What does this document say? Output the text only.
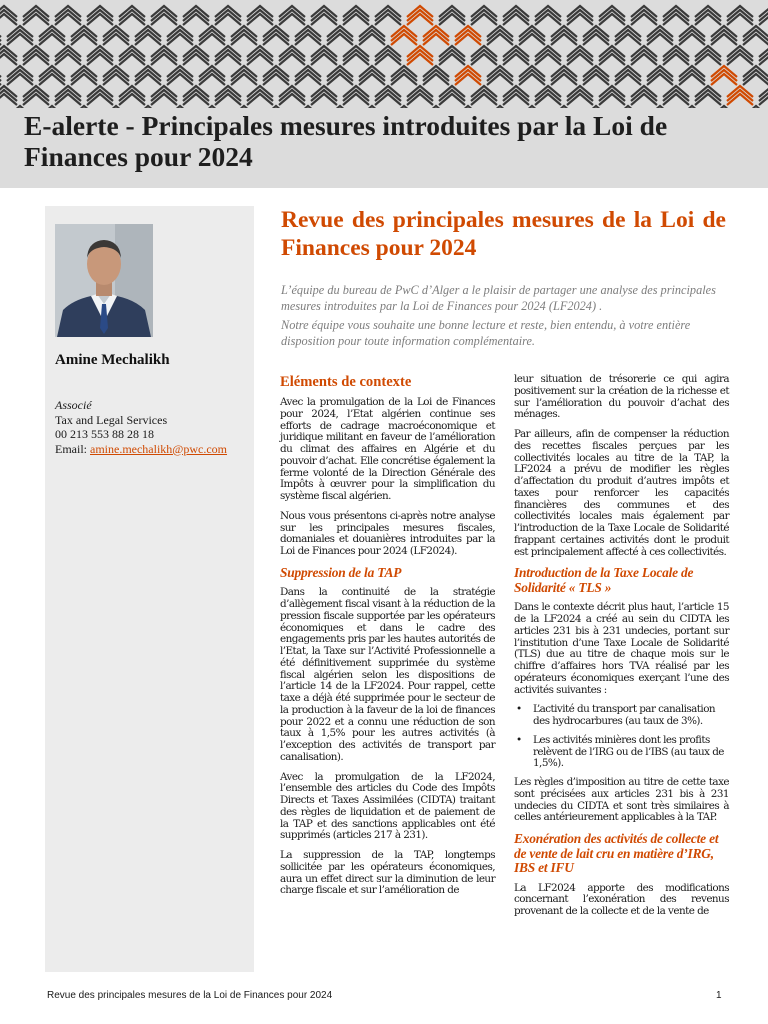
E-alerte - Principales mesures introduites par la Loi de Finances pour 2024
Amine Mechalikh
Associé
Tax and Legal Services
00 213 553 88 28 18
Email: amine.mechalikh@pwc.com
Revue des principales mesures de la Loi de Finances pour 2024

L’équipe du bureau de PwC d’Alger a le plaisir de partager une analyse des principales mesures introduites par la Loi de Finances pour 2024 (LF2024) .

Notre équipe vous souhaite une bonne lecture et reste, bien entendu, à votre entière disposition pour toute information complémentaire.

Eléments de contexte

Avec la promulgation de la Loi de Finances pour 2024, l’Etat algérien continue ses efforts de cadrage macroéconomique et juridique militant en faveur de l’amélioration du climat des affaires en Algérie et du pouvoir d’achat. Elle concrétise également la ferme volonté de la Direction Générale des Impôts à œuvrer pour la simplification du système fiscal algérien.

Nous vous présentons ci-après notre analyse sur les principales mesures fiscales, domaniales et douanières introduites par la Loi de Finances pour 2024 (LF2024).

Suppression de la TAP

Dans la continuité de la stratégie d’allègement fiscal visant à la réduction de la pression fiscale supportée par les opérateurs économiques et dans le cadre des engagements pris par les hautes autorités de l’Etat, la Taxe sur l’Activité Professionnelle a été définitivement supprimée du système fiscal algérien selon les dispositions de l’article 14 de la LF2024. Pour rappel, cette taxe a déjà été supprimée pour le secteur de la production à la faveur de la loi de finances pour 2022 et a connu une réduction de son taux à 1,5% pour les autres activités (à l’exception des activités de transport par canalisation).

Avec la promulgation de la LF2024, l’ensemble des articles du Code des Impôts Directs et Taxes Assimilées (CIDTA) traitant des règles de liquidation et de paiement de la TAP et des sanctions applicables ont été supprimés (articles 217 à 231).

La suppression de la TAP, longtemps sollicitée par les opérateurs économiques, aura un effet direct sur la diminution de leur charge fiscale et sur l’amélioration de

leur situation de trésorerie ce qui agira positivement sur la création de la richesse et sur l’amélioration du pouvoir d’achat des ménages.

Par ailleurs, afin de compenser la réduction des recettes fiscales perçues par les collectivités locales au titre de la TAP, la LF2024 a prévu de modifier les règles d’affectation du produit d’autres impôts et taxes pour renforcer les capacités financières des communes et des collectivités locales mais également par l’introduction de la Taxe Locale de Solidarité frappant certaines activités dont le produit est principalement affecté à ces collectivités.

Introduction de la Taxe Locale de Solidarité « TLS »

Dans le contexte décrit plus haut, l’article 15 de la LF2024 a créé au sein du CIDTA les articles 231 bis à 231 undecies, portant sur l’institution d’une Taxe Locale de Solidarité (TLS) due au titre de chaque mois sur le chiffre d’affaires hors TVA réalisé par les opérateurs économiques exerçant l’une des activités suivantes :

• L’activité du transport par canalisation des hydrocarbures (au taux de 3%).
• Les activités minières dont les profits relèvent de l’IRG ou de l’IBS (au taux de 1,5%).

Les règles d’imposition au titre de cette taxe sont précisées aux articles 231 bis à 231 undecies du CIDTA et sont très similaires à celles antérieurement applicables à la TAP.

Exonération des activités de collecte et de vente de lait cru en matière d’IRG, IBS et IFU

La LF2024 apporte des modifications concernant l’exonération des revenus provenant de la collecte et de la vente de

Revue des principales mesures de la Loi de Finances pour 2024	1
